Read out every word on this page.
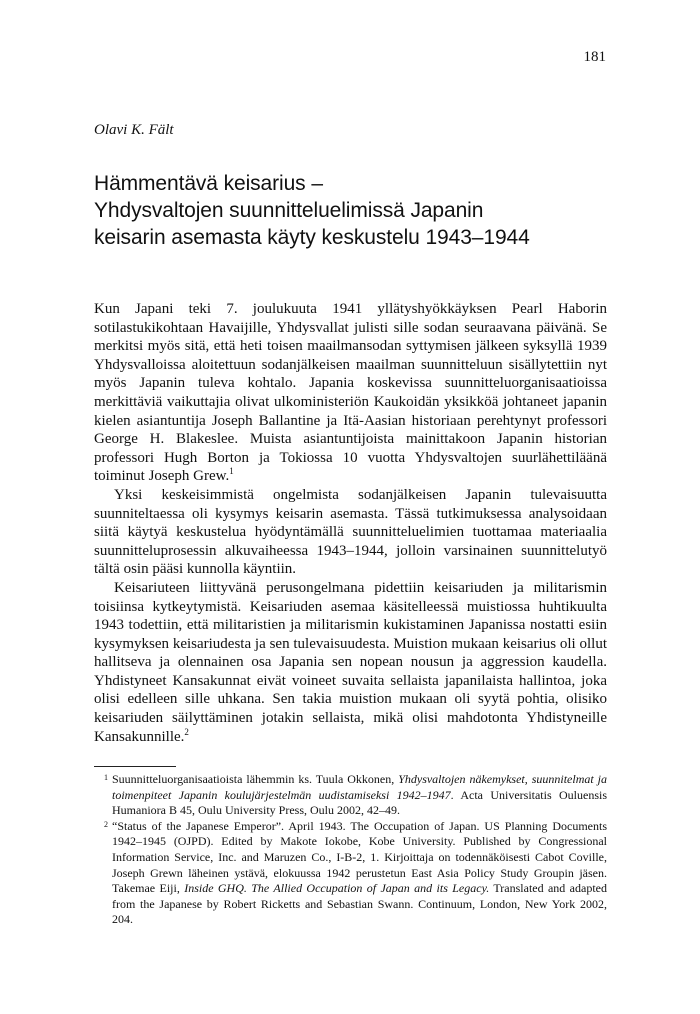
181
Olavi K. Fält
Hämmentävä keisarius –
Yhdysvaltojen suunnitteluelimissä Japanin
keisarin asemasta käyty keskustelu 1943–1944

Kun Japani teki 7. joulukuuta 1941 yllätyshyökkäyksen Pearl Haborin sotilastukikohtaan Havaijille, Yhdysvallat julisti sille sodan seuraavana päivänä. Se merkitsi myös sitä, että heti toisen maailmansodan syttymisen jälkeen syksyllä 1939 Yhdysvalloissa aloitettuun sodanjälkeisen maailman suunnitteluun sisällytettiin nyt myös Japanin tuleva kohtalo. Japania koskevissa suunnitteluorganisaatioissa merkittäviä vaikuttajia olivat ulkoministeriön Kaukoidän yksikköä johtaneet japanin kielen asiantuntija Joseph Ballantine ja Itä-Aasian historiaan perehtynyt professori George H. Blakeslee. Muista asiantuntijoista mainittakoon Japanin historian professori Hugh Borton ja Tokiossa 10 vuotta Yhdysvaltojen suurlähettiläänä toiminut Joseph Grew.$^1$

Yksi keskeisimmistä ongelmista sodanjälkeisen Japanin tulevaisuutta suunniteltaessa oli kysymys keisarin asemasta. Tässä tutkimuksessa analysoidaan siitä käytyä keskustelua hyödyntämällä suunnitteluelimien tuottamaa materiaalia suunnitteluprosessin alkuvaiheessa 1943–1944, jolloin varsinainen suunnittelutyö tältä osin pääsi kunnolla käyntiin.

Keisariuteen liittyvänä perusongelmana pidettiin keisariuden ja militarismin toisiinsa kytkeytymistä. Keisariuden asemaa käsitelleessä muistiossa huhtikuulta 1943 todettiin, että militaristien ja militarismin kukistaminen Japanissa nostatti esiin kysymyksen keisariudesta ja sen tulevaisuudesta. Muistion mukaan keisarius oli ollut hallitseva ja olennainen osa Japania sen nopean nousun ja aggression kaudella. Yhdistyneet Kansakunnat eivät voineet suvaita sellaista japanilaista hallintoa, joka olisi edelleen sille uhkana. Sen takia muistion mukaan oli syytä pohtia, olisiko keisariuden säilyttäminen jotakin sellaista, mikä olisi mahdotonta Yhdistyneille Kansakunnille.$^2$

1 Suunnitteluorganisaatioista lähemmin ks. Tuula Okkonen, Yhdysvaltojen näkemykset, suunnitelmat ja toimenpiteet Japanin koulujärjestelmän uudistamiseksi 1942–1947. Acta Universitatis Ouluensis Humaniora B 45, Oulu University Press, Oulu 2002, 42–49.
2 “Status of the Japanese Emperor”. April 1943. The Occupation of Japan. US Planning Documents 1942–1945 (OJPD). Edited by Makote Iokobe, Kobe University. Published by Congressional Information Service, Inc. and Maruzen Co., I-B-2, 1. Kirjoittaja on todennäköisesti Cabot Coville, Joseph Grewn läheinen ystävä, elokuussa 1942 perustetun East Asia Policy Study Groupin jäsen. Takemae Eiji, Inside GHQ. The Allied Occupation of Japan and its Legacy. Translated and adapted from the Japanese by Robert Ricketts and Sebastian Swann. Continuum, London, New York 2002, 204.
